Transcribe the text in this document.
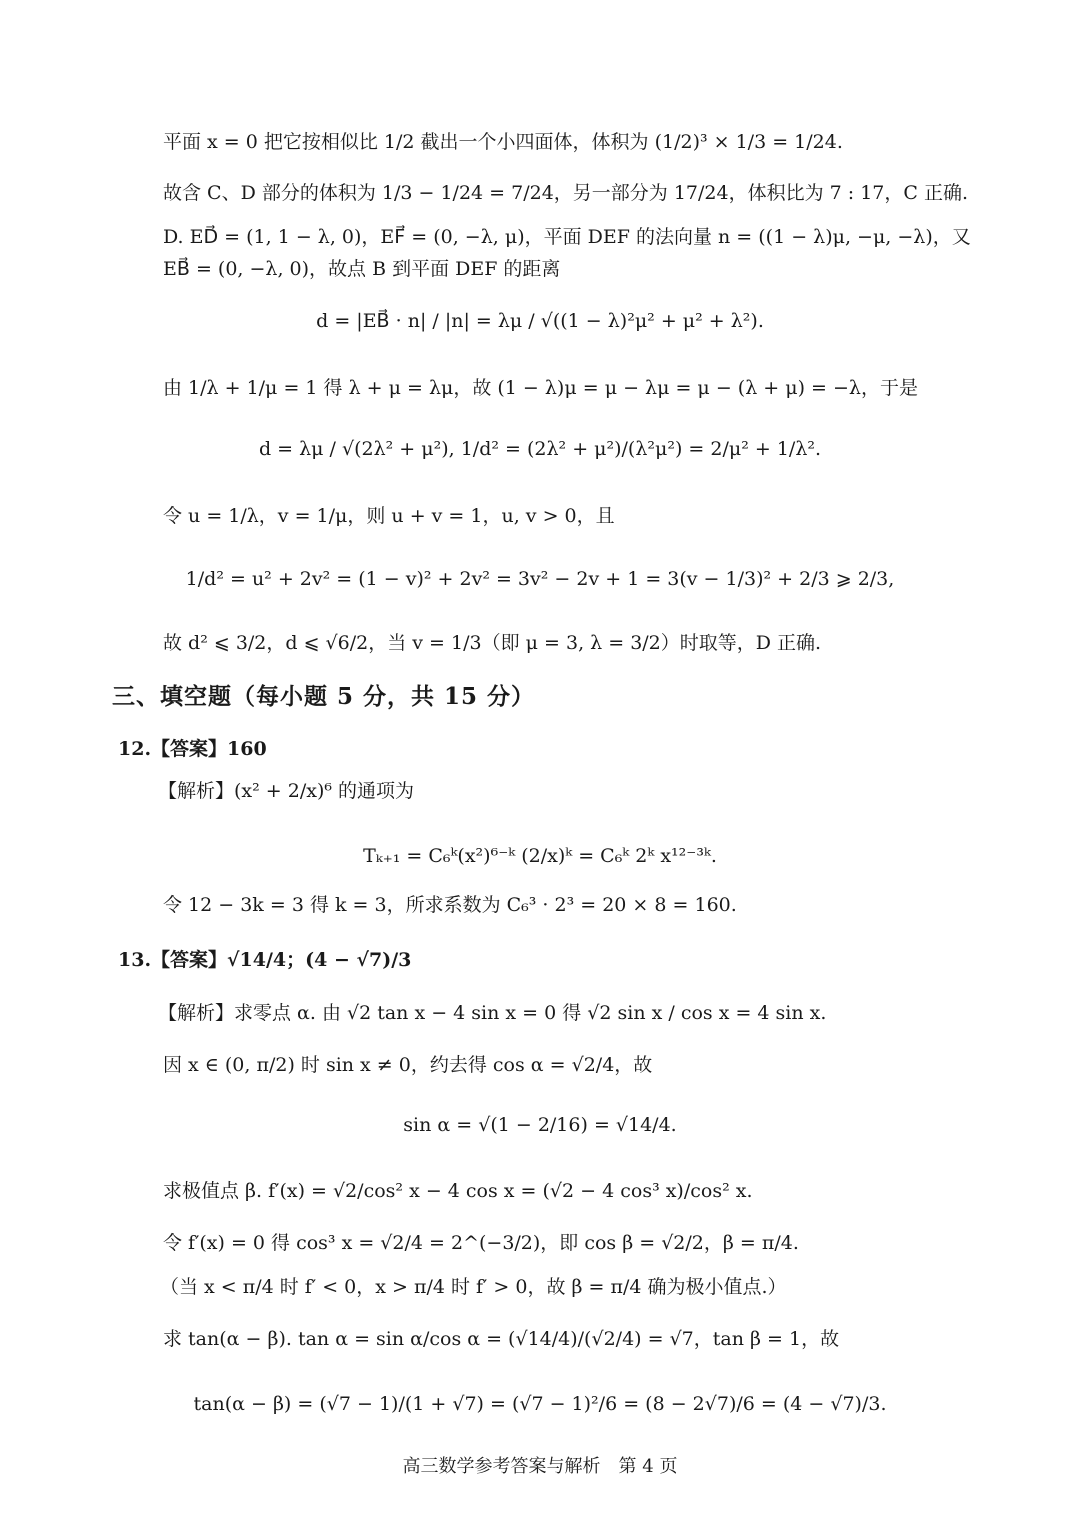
平面 x = 0 把它按相似比 1/2 截出一个小四面体，体积为 (1/2)³ × 1/3 = 1/24.
故含 C、D 部分的体积为 1/3 − 1/24 = 7/24，另一部分为 17/24，体积比为 7 : 17，C 正确.
D. ED⃗ = (1, 1 − λ, 0)，EF⃗ = (0, −λ, μ)，平面 DEF 的法向量 n = ((1 − λ)μ, −μ, −λ)，又
EB⃗ = (0, −λ, 0)，故点 B 到平面 DEF 的距离
d = |EB⃗ · n| / |n| = λμ / √((1 − λ)²μ² + μ² + λ²).
由 1/λ + 1/μ = 1 得 λ + μ = λμ，故 (1 − λ)μ = μ − λμ = μ − (λ + μ) = −λ，于是
d = λμ / √(2λ² + μ²), 1/d² = (2λ² + μ²)/(λ²μ²) = 2/μ² + 1/λ².
令 u = 1/λ，v = 1/μ，则 u + v = 1，u, v > 0，且
1/d² = u² + 2v² = (1 − v)² + 2v² = 3v² − 2v + 1 = 3(v − 1/3)² + 2/3 ⩾ 2/3,
故 d² ⩽ 3/2，d ⩽ √6/2，当 v = 1/3（即 μ = 3, λ = 3/2）时取等，D 正确.
三、填空题（每小题 5 分，共 15 分）
12.【答案】160
【解析】(x² + 2/x)⁶ 的通项为
Tₖ₊₁ = C₆ᵏ(x²)⁶⁻ᵏ (2/x)ᵏ = C₆ᵏ 2ᵏ x¹²⁻³ᵏ.
令 12 − 3k = 3 得 k = 3，所求系数为 C₆³ · 2³ = 20 × 8 = 160.
13.【答案】√14/4；(4 − √7)/3
【解析】求零点 α. 由 √2 tan x − 4 sin x = 0 得 √2 sin x / cos x = 4 sin x.
因 x ∈ (0, π/2) 时 sin x ≠ 0，约去得 cos α = √2/4，故
sin α = √(1 − 2/16) = √14/4.
求极值点 β. f′(x) = √2/cos² x − 4 cos x = (√2 − 4 cos³ x)/cos² x.
令 f′(x) = 0 得 cos³ x = √2/4 = 2^(−3/2)，即 cos β = √2/2，β = π/4.
（当 x < π/4 时 f′ < 0，x > π/4 时 f′ > 0，故 β = π/4 确为极小值点.）
求 tan(α − β). tan α = sin α/cos α = (√14/4)/(√2/4) = √7，tan β = 1，故
tan(α − β) = (√7 − 1)/(1 + √7) = (√7 − 1)²/6 = (8 − 2√7)/6 = (4 − √7)/3.
高三数学参考答案与解析　第 4 页
